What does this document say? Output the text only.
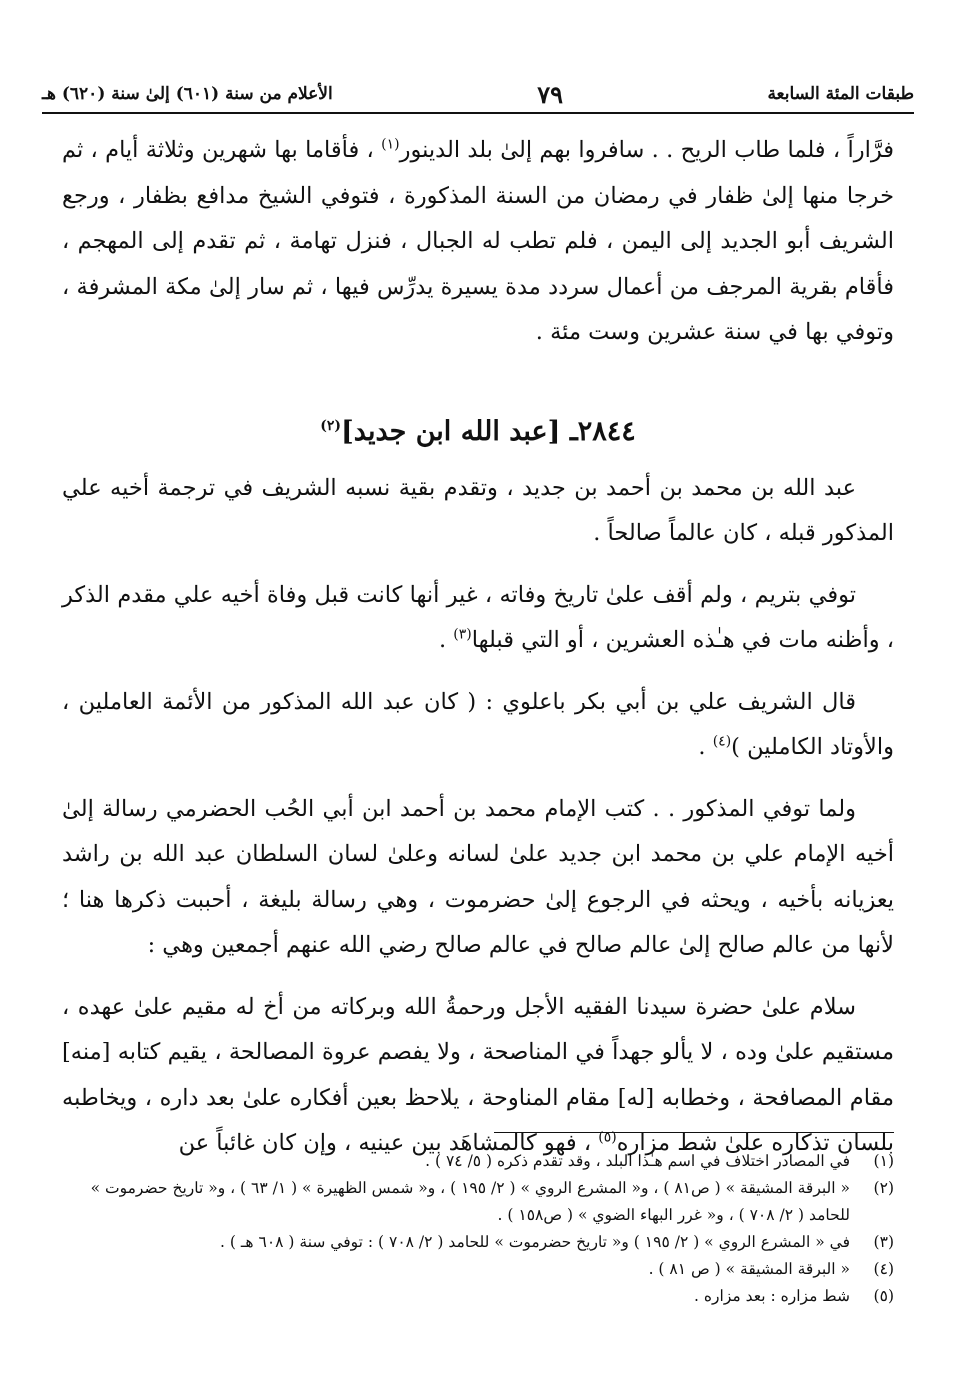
طبقات المئة السابعة
٧٩
الأعلام من سنة (٦٠١) إلىٰ سنة (٦٢٠) هـ

فرَّاراً ، فلما طاب الريح . . سافروا بهم إلىٰ بلد الدينور$^{(١)}$ ، فأقاما بها شهرين وثلاثة أيام ، ثم خرجا منها إلىٰ ظفار في رمضان من السنة المذكورة ، فتوفي الشيخ مدافع بظفار ، ورجع الشريف أبو الجديد إلى اليمن ، فلم تطب له الجبال ، فنزل تهامة ، ثم تقدم إلى المهجم ، فأقام بقرية المرجف من أعمال سردد مدة يسيرة يدرِّس فيها ، ثم سار إلىٰ مكة المشرفة ، وتوفي بها في سنة عشرين وست مئة .

٢٨٤٤ـ [عبد الله ابن جديد]$^{(٢)}$

عبد الله بن محمد بن أحمد بن جديد ، وتقدم بقية نسبه الشريف في ترجمة أخيه علي المذكور قبله ، كان عالماً صالحاً .

توفي بتريم ، ولم أقف علىٰ تاريخ وفاته ، غير أنها كانت قبل وفاة أخيه علي مقدم الذكر ، وأظنه مات في هـٰذه العشرين ، أو التي قبلها$^{(٣)}$ .

قال الشريف علي بن أبي بكر باعلوي : ( كان عبد الله المذكور من الأئمة العاملين ، والأوتاد الكاملين )$^{(٤)}$ .

ولما توفي المذكور . . كتب الإمام محمد بن أحمد ابن أبي الحُب الحضرمي رسالة إلىٰ أخيه الإمام علي بن محمد ابن جديد علىٰ لسانه وعلىٰ لسان السلطان عبد الله بن راشد يعزيانه بأخيه ، ويحثه في الرجوع إلىٰ حضرموت ، وهي رسالة بليغة ، أحببت ذكرها هنا ؛ لأنها من عالم صالح إلىٰ عالم صالح في عالم صالح رضي الله عنهم أجمعين وهي :

سلام علىٰ حضرة سيدنا الفقيه الأجل ورحمةُ الله وبركاته من أخ له مقيم علىٰ عهده ، مستقيم علىٰ وده ، لا يألو جهداً في المناصحة ، ولا يفصم عروة المصالحة ، يقيم كتابه [منه] مقام المصافحة ، وخطابه [له] مقام المناوحة ، يلاحظ بعين أفكاره علىٰ بعد داره ، ويخاطبه بلسان تذكاره علىٰ شط مزاره$^{(٥)}$ ، فهو كالمشاهَد بين عينيه ، وإن كان غائباً عن

(١)
في المصادر اختلاف في اسم هـٰذا البلد ، وقد تقدم ذكره ( ٥/ ٧٤ ) .
(٢)
« البرقة المشيقة » ( ص٨١ ) ، و« المشرع الروي » ( ٢/ ١٩٥ ) ، و« شمس الظهيرة » ( ١/ ٦٣ ) ، و« تاريخ حضرموت » للحامد ( ٢/ ٧٠٨ ) ، و« غرر البهاء الضوي » ( ص١٥٨ ) .
(٣)
في « المشرع الروي » ( ٢/ ١٩٥ ) و« تاريخ حضرموت » للحامد ( ٢/ ٧٠٨ ) : توفي سنة ( ٦٠٨ هـ ) .
(٤)
« البرقة المشيقة » ( ص ٨١ ) .
(٥)
شط مزاره : بعد مزاره .
